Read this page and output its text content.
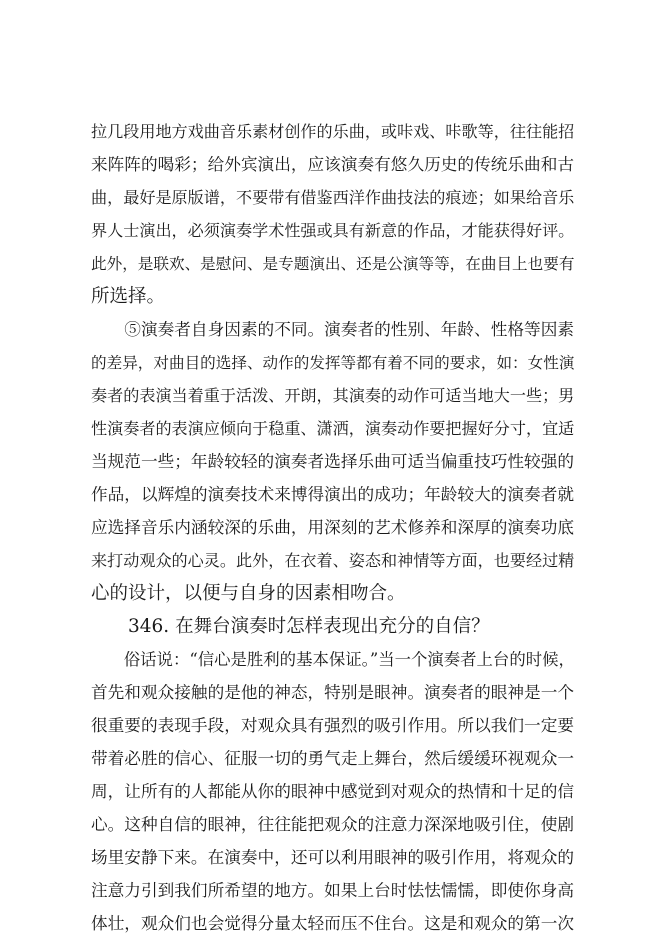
拉几段用地方戏曲音乐素材创作的乐曲，或咔戏、咔歌等，往往能招
来阵阵的喝彩；给外宾演出，应该演奏有悠久历史的传统乐曲和古
曲，最好是原版谱，不要带有借鉴西洋作曲技法的痕迹；如果给音乐
界人士演出，必须演奏学术性强或具有新意的作品，才能获得好评。
此外，是联欢、是慰问、是专题演出、还是公演等等，在曲目上也要有
所选择。
　　⑤演奏者自身因素的不同。演奏者的性别、年龄、性格等因素
的差异，对曲目的选择、动作的发挥等都有着不同的要求，如：女性演
奏者的表演当着重于活泼、开朗，其演奏的动作可适当地大一些；男
性演奏者的表演应倾向于稳重、潇洒，演奏动作要把握好分寸，宜适
当规范一些；年龄较轻的演奏者选择乐曲可适当偏重技巧性较强的
作品，以辉煌的演奏技术来博得演出的成功；年龄较大的演奏者就
应选择音乐内涵较深的乐曲，用深刻的艺术修养和深厚的演奏功底
来打动观众的心灵。此外，在衣着、姿态和神情等方面，也要经过精
心的设计，以便与自身的因素相吻合。
　　346. 在舞台演奏时怎样表现出充分的自信？
　　俗话说：“信心是胜利的基本保证。”当一个演奏者上台的时候，
首先和观众接触的是他的神态，特别是眼神。演奏者的眼神是一个
很重要的表现手段，对观众具有强烈的吸引作用。所以我们一定要
带着必胜的信心、征服一切的勇气走上舞台，然后缓缓环视观众一
周，让所有的人都能从你的眼神中感觉到对观众的热情和十足的信
心。这种自信的眼神，往往能把观众的注意力深深地吸引住，使剧
场里安静下来。在演奏中，还可以利用眼神的吸引作用，将观众的
注意力引到我们所希望的地方。如果上台时怯怯懦懦，即使你身高
体壮，观众们也会觉得分量太轻而压不住台。这是和观众的第一次
